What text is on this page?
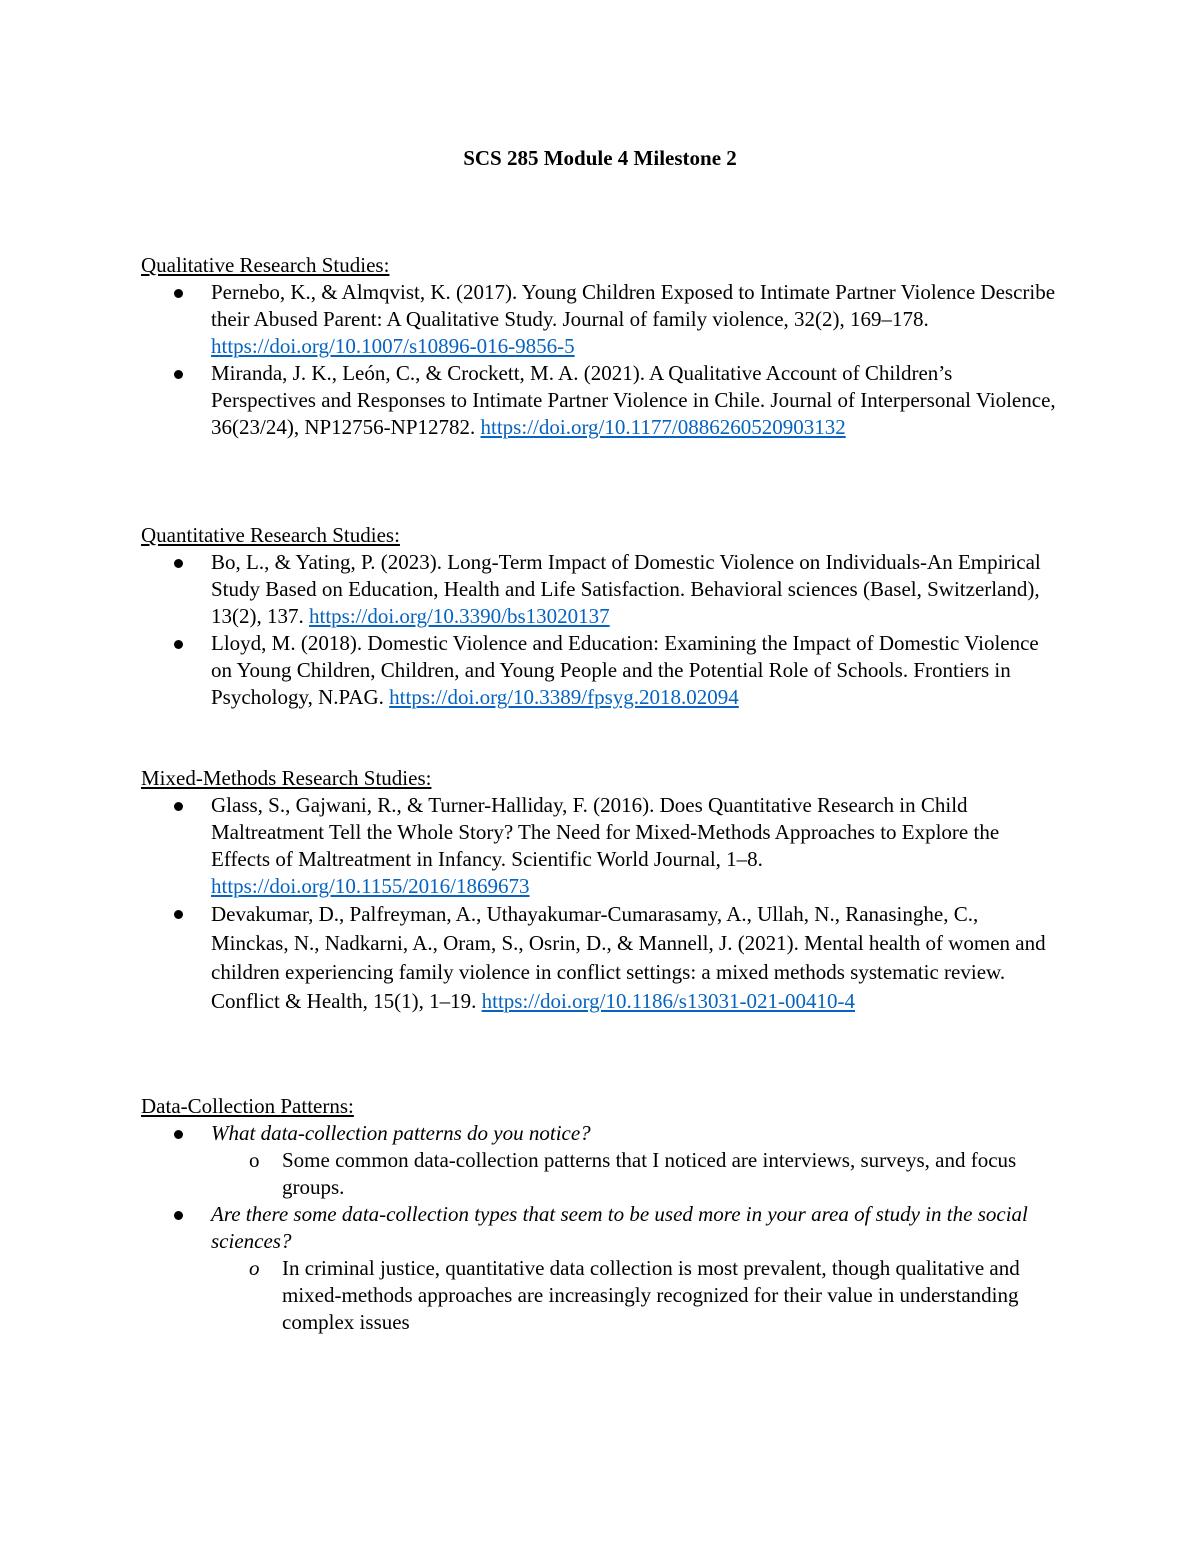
SCS 285 Module 4 Milestone 2
Qualitative Research Studies:
Pernebo, K., & Almqvist, K. (2017). Young Children Exposed to Intimate Partner Violence Describe their Abused Parent: A Qualitative Study. Journal of family violence, 32(2), 169–178. https://doi.org/10.1007/s10896-016-9856-5
Miranda, J. K., León, C., & Crockett, M. A. (2021). A Qualitative Account of Children’s Perspectives and Responses to Intimate Partner Violence in Chile. Journal of Interpersonal Violence, 36(23/24), NP12756-NP12782. https://doi.org/10.1177/0886260520903132
Quantitative Research Studies:
Bo, L., & Yating, P. (2023). Long-Term Impact of Domestic Violence on Individuals-An Empirical Study Based on Education, Health and Life Satisfaction. Behavioral sciences (Basel, Switzerland), 13(2), 137. https://doi.org/10.3390/bs13020137
Lloyd, M. (2018). Domestic Violence and Education: Examining the Impact of Domestic Violence on Young Children, Children, and Young People and the Potential Role of Schools. Frontiers in Psychology, N.PAG. https://doi.org/10.3389/fpsyg.2018.02094
Mixed-Methods Research Studies:
Glass, S., Gajwani, R., & Turner-Halliday, F. (2016). Does Quantitative Research in Child Maltreatment Tell the Whole Story? The Need for Mixed-Methods Approaches to Explore the Effects of Maltreatment in Infancy. Scientific World Journal, 1–8. https://doi.org/10.1155/2016/1869673
Devakumar, D., Palfreyman, A., Uthayakumar-Cumarasamy, A., Ullah, N., Ranasinghe, C., Minckas, N., Nadkarni, A., Oram, S., Osrin, D., & Mannell, J. (2021). Mental health of women and children experiencing family violence in conflict settings: a mixed methods systematic review. Conflict & Health, 15(1), 1–19. https://doi.org/10.1186/s13031-021-00410-4
Data-Collection Patterns:
What data-collection patterns do you notice?
o Some common data-collection patterns that I noticed are interviews, surveys, and focus groups.
Are there some data-collection types that seem to be used more in your area of study in the social sciences?
o In criminal justice, quantitative data collection is most prevalent, though qualitative and mixed-methods approaches are increasingly recognized for their value in understanding complex issues
